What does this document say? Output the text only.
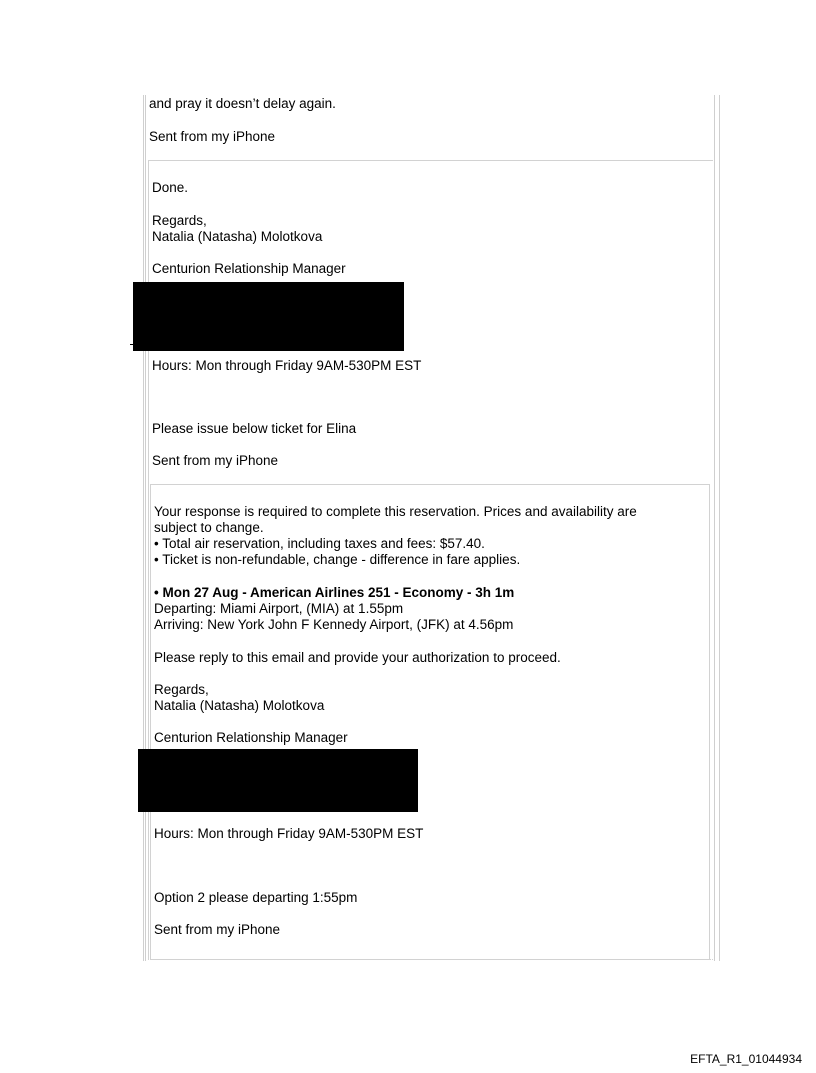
and pray it doesn’t delay again.
Sent from my iPhone
Done.
Regards,
Natalia (Natasha) Molotkova
Centurion Relationship Manager
Hours: Mon through Friday 9AM-530PM EST
Please issue below ticket for Elina
Sent from my iPhone
Your response is required to complete this reservation. Prices and availability are
subject to change.
• Total air reservation, including taxes and fees: $57.40.
• Ticket is non-refundable, change - difference in fare applies.
• Mon 27 Aug - American Airlines 251 - Economy - 3h 1m
Departing: Miami Airport, (MIA) at 1.55pm
Arriving: New York John F Kennedy Airport, (JFK) at 4.56pm
Please reply to this email and provide your authorization to proceed.
Regards,
Natalia (Natasha) Molotkova
Centurion Relationship Manager
Hours: Mon through Friday 9AM-530PM EST
Option 2 please departing 1:55pm
Sent from my iPhone
EFTA_R1_01044934
